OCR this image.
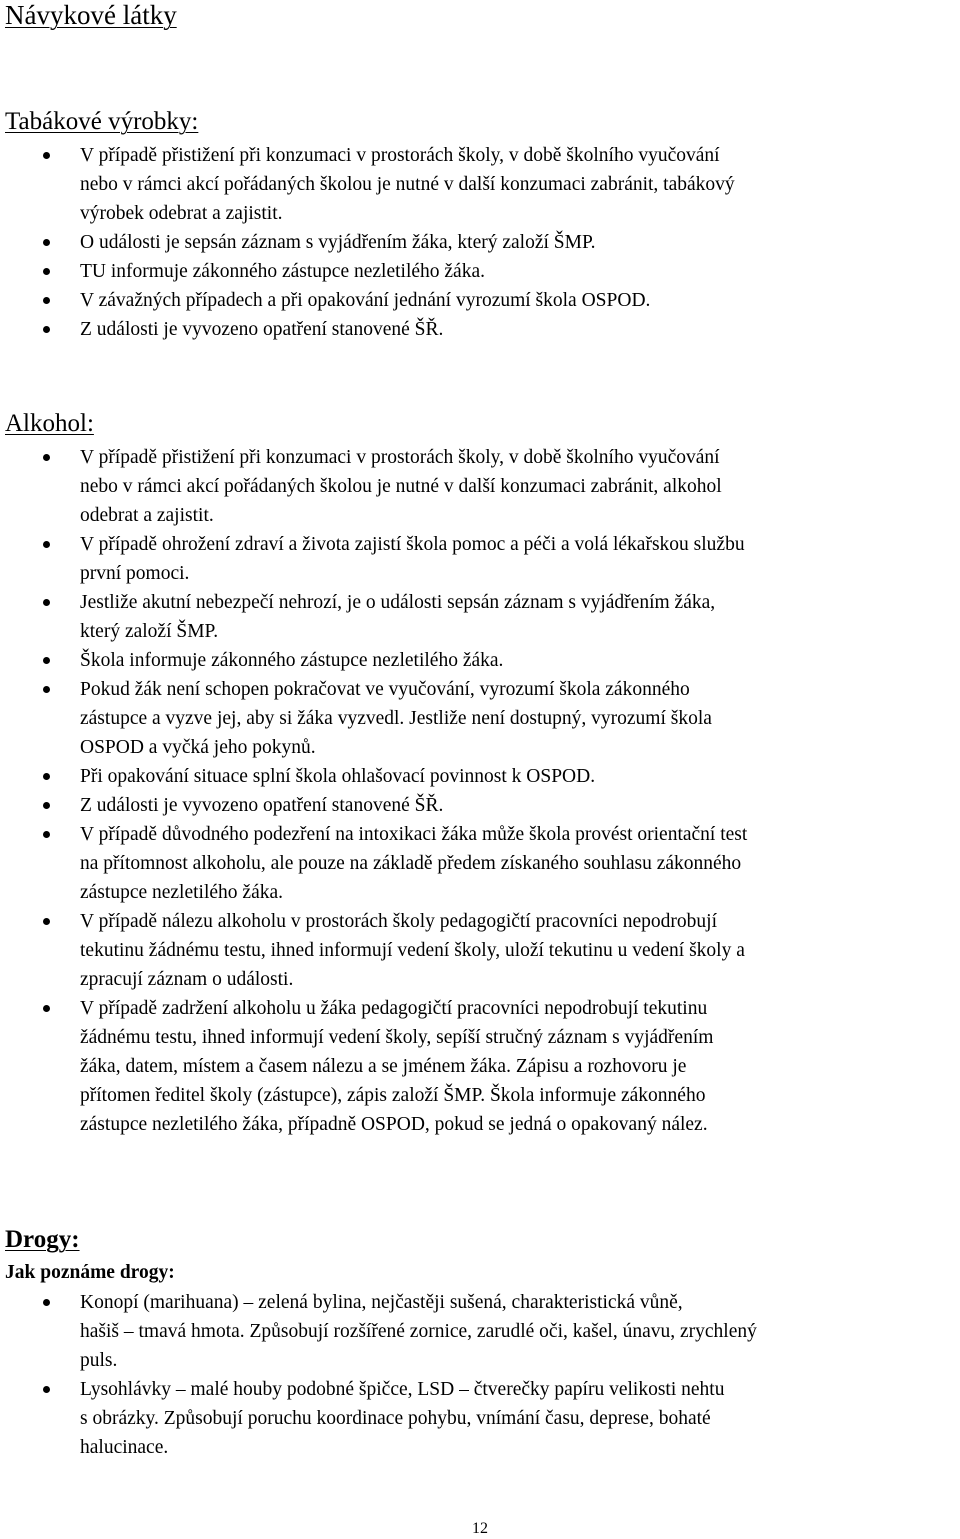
Návykové látky
Tabákové výrobky:
V případě přistižení při konzumaci v prostorách školy, v době školního vyučování
nebo v rámci akcí pořádaných školou je nutné v další konzumaci zabránit, tabákový
výrobek odebrat a zajistit.
O události je sepsán záznam s vyjádřením žáka, který založí ŠMP.
TU informuje zákonného zástupce nezletilého žáka.
V závažných případech a při opakování jednání vyrozumí škola OSPOD.
Z události je vyvozeno opatření stanovené ŠŘ.
Alkohol:
V případě přistižení při konzumaci v prostorách školy, v době školního vyučování
nebo v rámci akcí pořádaných školou je nutné v další konzumaci zabránit, alkohol
odebrat a zajistit.
V případě ohrožení zdraví a života zajistí škola pomoc a péči a volá lékařskou službu
první pomoci.
Jestliže akutní nebezpečí nehrozí, je o události sepsán záznam s vyjádřením žáka,
který založí ŠMP.
Škola informuje zákonného zástupce nezletilého žáka.
Pokud žák není schopen pokračovat ve vyučování, vyrozumí škola zákonného
zástupce a vyzve jej, aby si žáka vyzvedl. Jestliže není dostupný, vyrozumí škola
OSPOD a vyčká jeho pokynů.
Při opakování situace splní škola ohlašovací povinnost k OSPOD.
Z události je vyvozeno opatření stanovené ŠŘ.
V případě důvodného podezření na intoxikaci žáka může škola provést orientační test
na přítomnost alkoholu, ale pouze na základě předem získaného souhlasu zákonného
zástupce nezletilého žáka.
V případě nálezu alkoholu v prostorách školy pedagogičtí pracovníci nepodrobují
tekutinu žádnému testu, ihned informují vedení školy, uloží tekutinu u vedení školy a
zpracují záznam o události.
V případě zadržení alkoholu u žáka pedagogičtí pracovníci nepodrobují tekutinu
žádnému testu, ihned informují vedení školy, sepíší stručný záznam s vyjádřením
žáka, datem, místem a časem nálezu a se jménem žáka. Zápisu a rozhovoru je
přítomen ředitel školy (zástupce), zápis založí ŠMP. Škola informuje zákonného
zástupce nezletilého žáka, případně OSPOD, pokud se jedná o opakovaný nález.
Drogy:
Jak poznáme drogy:
Konopí (marihuana) – zelená bylina, nejčastěji sušená, charakteristická vůně,
hašiš – tmavá hmota. Způsobují rozšířené zornice, zarudlé oči, kašel, únavu, zrychlený
puls.
Lysohlávky – malé houby podobné špičce, LSD – čtverečky papíru velikosti nehtu
s obrázky. Způsobují poruchu koordinace pohybu, vnímání času, deprese, bohaté
halucinace.

12
